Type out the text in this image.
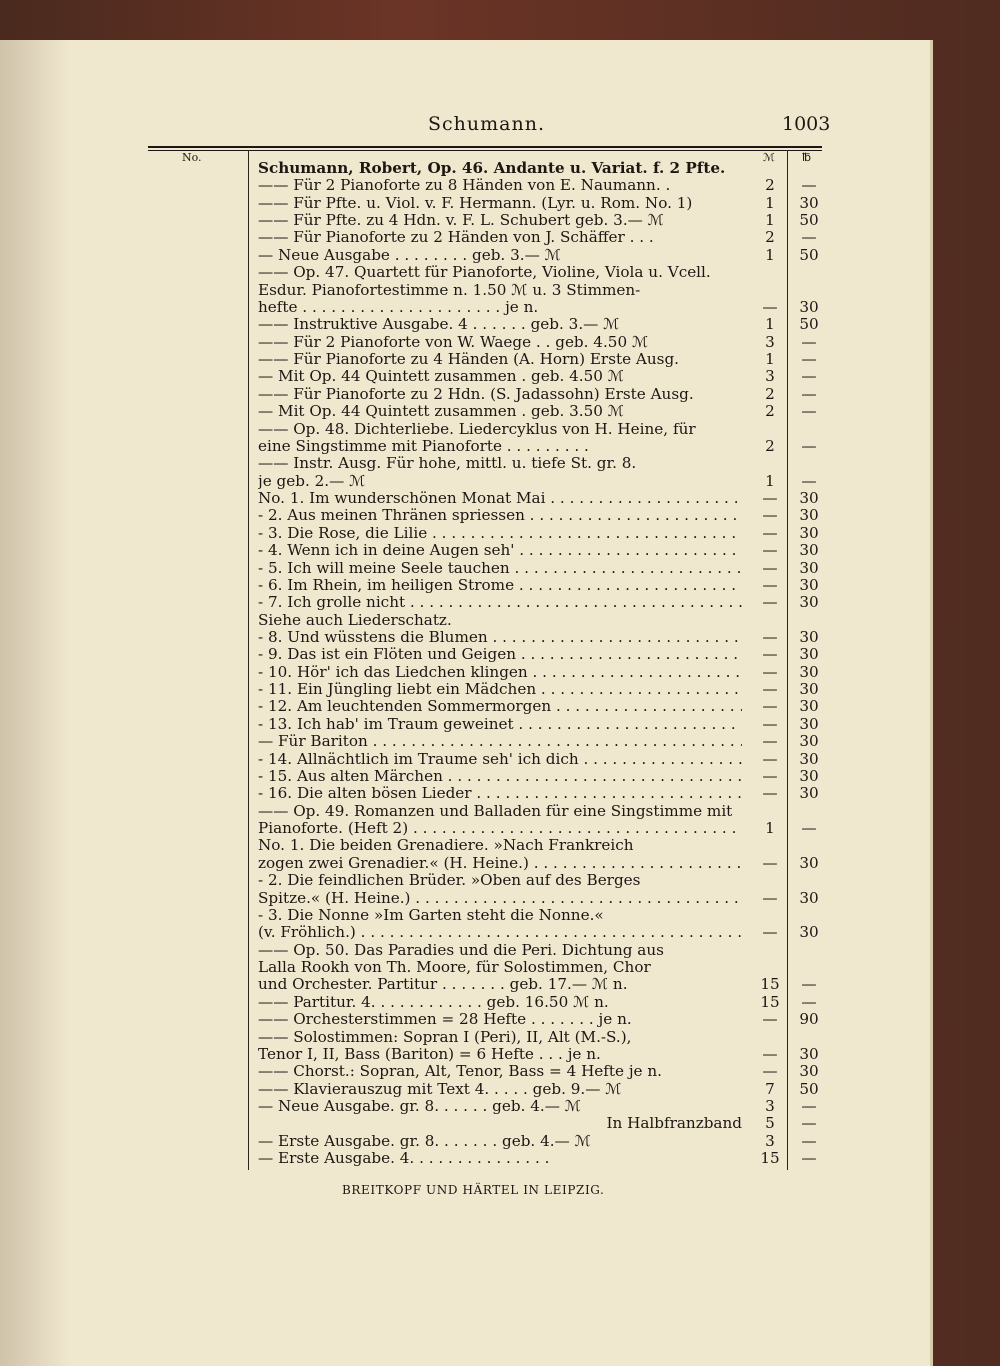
Schumann.	1003
No.	ℳ ℔
Schumann, Robert, Op. 46. Andante u. Variat. f. 2 Pfte.
—— Für 2 Pianoforte zu 8 Händen von E. Naumann. .	2	—
—— Für Pfte. u. Viol. v. F. Hermann. (Lyr. u. Rom. No. 1)	1	30
—— Für Pfte. zu 4 Hdn. v. F. L. Schubert geb. 3.— ℳ	1	50
—— Für Pianoforte zu 2 Händen von J. Schäffer . . .	2	—
— Neue Ausgabe . . . . . . . . geb. 3.— ℳ	1	50
—— Op. 47. Quartett für Pianoforte, Violine, Viola u. Vcell.
Esdur. Pianofortestimme n. 1.50 ℳ u. 3 Stimmen-
hefte . . . . . . . . . . . . . . . . . . . . . je n.	—	30
—— Instruktive Ausgabe. 4 . . . . . . geb. 3.— ℳ	1	50
—— Für 2 Pianoforte von W. Waege . . geb. 4.50 ℳ	3	—
—— Für Pianoforte zu 4 Händen (A. Horn) Erste Ausg.	1	—
— Mit Op. 44 Quintett zusammen . geb. 4.50 ℳ	3	—
—— Für Pianoforte zu 2 Hdn. (S. Jadassohn) Erste Ausg.	2	—
— Mit Op. 44 Quintett zusammen . geb. 3.50 ℳ	2	—
—— Op. 48. Dichterliebe. Liedercyklus von H. Heine, für
eine Singstimme mit Pianoforte . . . . . . . . .	2	—
—— Instr. Ausg. Für hohe, mittl. u. tiefe St. gr. 8.
je geb. 2.— ℳ	1	—
No. 1. Im wunderschönen Monat Mai . . .	—	30
- 2. Aus meinen Thränen spriessen . . .	—	30
- 3. Die Rose, die Lilie . . .	—	30
- 4. Wenn ich in deine Augen seh' . . .	—	30
- 5. Ich will meine Seele tauchen . . .	—	30
- 6. Im Rhein, im heiligen Strome . . .	—	30
- 7. Ich grolle nicht . . .	—	30
Siehe auch Liederschatz.
- 8. Und wüsstens die Blumen . . .	—	30
- 9. Das ist ein Flöten und Geigen . . .	—	30
- 10. Hör' ich das Liedchen klingen . . .	—	30
- 11. Ein Jüngling liebt ein Mädchen . . .	—	30
- 12. Am leuchtenden Sommermorgen . . .	—	30
- 13. Ich hab' im Traum geweinet . . .	—	30
— Für Bariton . . .	—	30
- 14. Allnächtlich im Traume seh' ich dich . . .	—	30
- 15. Aus alten Märchen . . .	—	30
- 16. Die alten bösen Lieder . . .	—	30
—— Op. 49. Romanzen und Balladen für eine Singstimme mit
Pianoforte. (Heft 2) . . .	1	—
No. 1. Die beiden Grenadiere. »Nach Frankreich
zogen zwei Grenadier.« (H. Heine.) . . .	—	30
- 2. Die feindlichen Brüder. »Oben auf des Berges
Spitze.« (H. Heine.) . . .	—	30
- 3. Die Nonne »Im Garten steht die Nonne.«
(v. Fröhlich.) . . .	—	30
—— Op. 50. Das Paradies und die Peri. Dichtung aus
Lalla Rookh von Th. Moore, für Solostimmen, Chor
und Orchester. Partitur . . . . . . . geb. 17.— ℳ n.	15	—
—— Partitur. 4. . . . . . . . . . . . geb. 16.50 ℳ n.	15	—
—— Orchesterstimmen = 28 Hefte . . . . . . . je n.	—	90
—— Solostimmen: Sopran I (Peri), II, Alt (M.-S.),
Tenor I, II, Bass (Bariton) = 6 Hefte . . . je n.	—	30
—— Chorst.: Sopran, Alt, Tenor, Bass = 4 Hefte je n.	—	30
—— Klavierauszug mit Text 4. . . . . geb. 9.— ℳ	7	50
— Neue Ausgabe. gr. 8. . . . . . geb. 4.— ℳ	3	—
In Halbfranzband	5	—
— Erste Ausgabe. gr. 8. . . . . . . geb. 4.— ℳ	3	—
— Erste Ausgabe. 4. . . . . . . . . . . . . . .	15	—
BREITKOPF UND HÄRTEL IN LEIPZIG.
